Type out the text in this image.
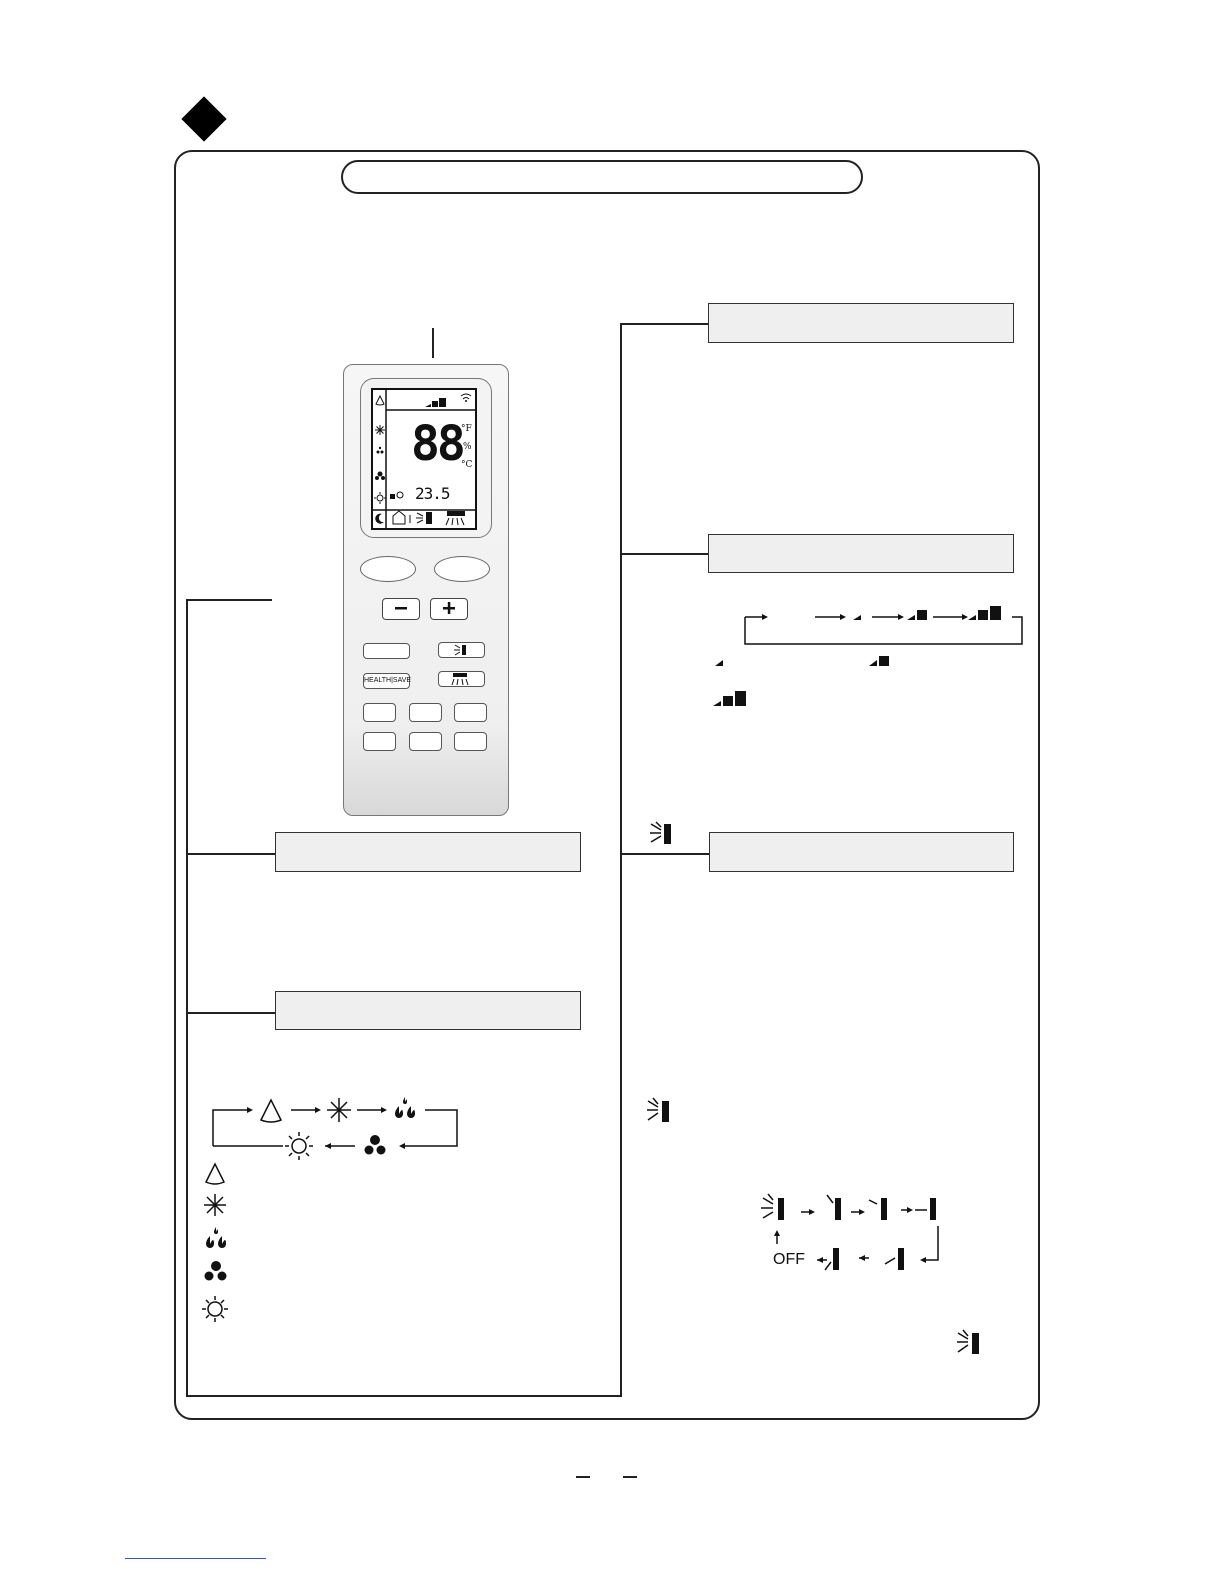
88
°F
%
°C
23.5
HEALTH|SAVE
OFF
